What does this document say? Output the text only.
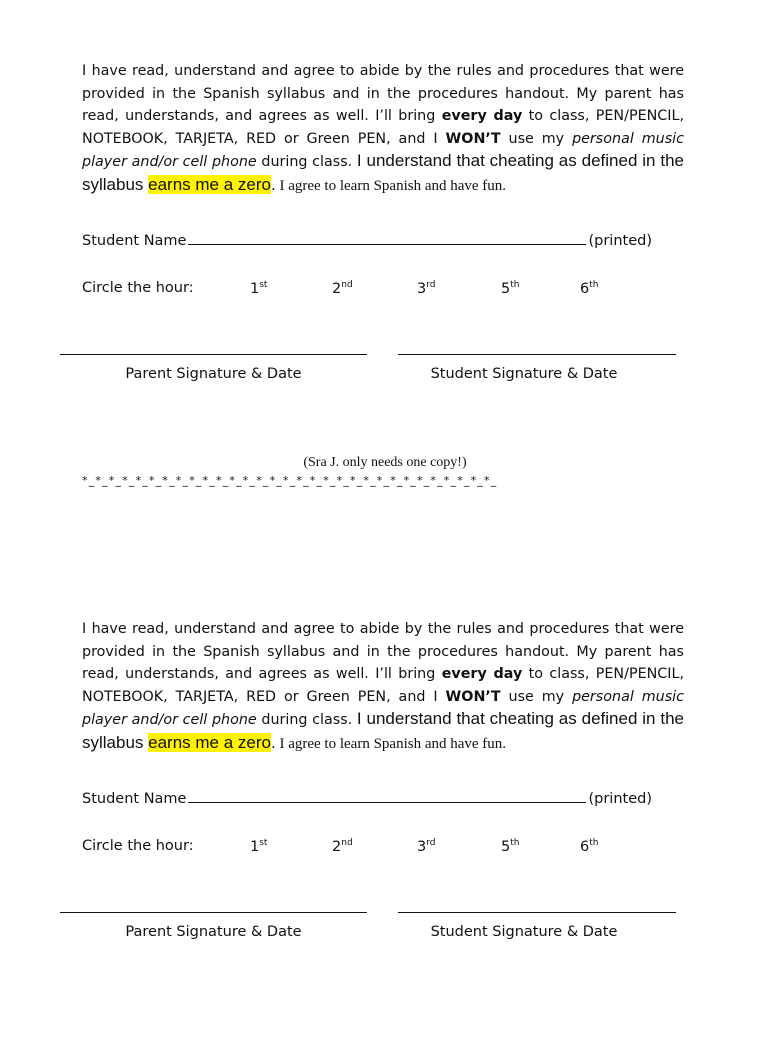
I have read, understand and agree to abide by the rules and procedures that were provided in the Spanish syllabus and in the procedures handout. My parent has read, understands, and agrees as well. I’ll bring every day to class, PEN/PENCIL, NOTEBOOK, TARJETA, RED or Green PEN, and I WON’T use my personal music player and/or cell phone during class. I understand that cheating as defined in the syllabus earns me a zero. I agree to learn Spanish and have fun.

Student Name	(printed)
Circle the hour:	1st	2nd	3rd	5th	6th
Parent Signature & Date	Student Signature & Date
(Sra J. only needs one copy!)
*_*_*_*_*_*_*_*_*_*_*_*_*_*_*_*_*_*_*_*_*_*_*_*_*_*_*_*_*_*_*_

I have read, understand and agree to abide by the rules and procedures that were provided in the Spanish syllabus and in the procedures handout. My parent has read, understands, and agrees as well. I’ll bring every day to class, PEN/PENCIL, NOTEBOOK, TARJETA, RED or Green PEN, and I WON’T use my personal music player and/or cell phone during class. I understand that cheating as defined in the syllabus earns me a zero. I agree to learn Spanish and have fun.

Student Name	(printed)
Circle the hour:	1st	2nd	3rd	5th	6th
Parent Signature & Date	Student Signature & Date
